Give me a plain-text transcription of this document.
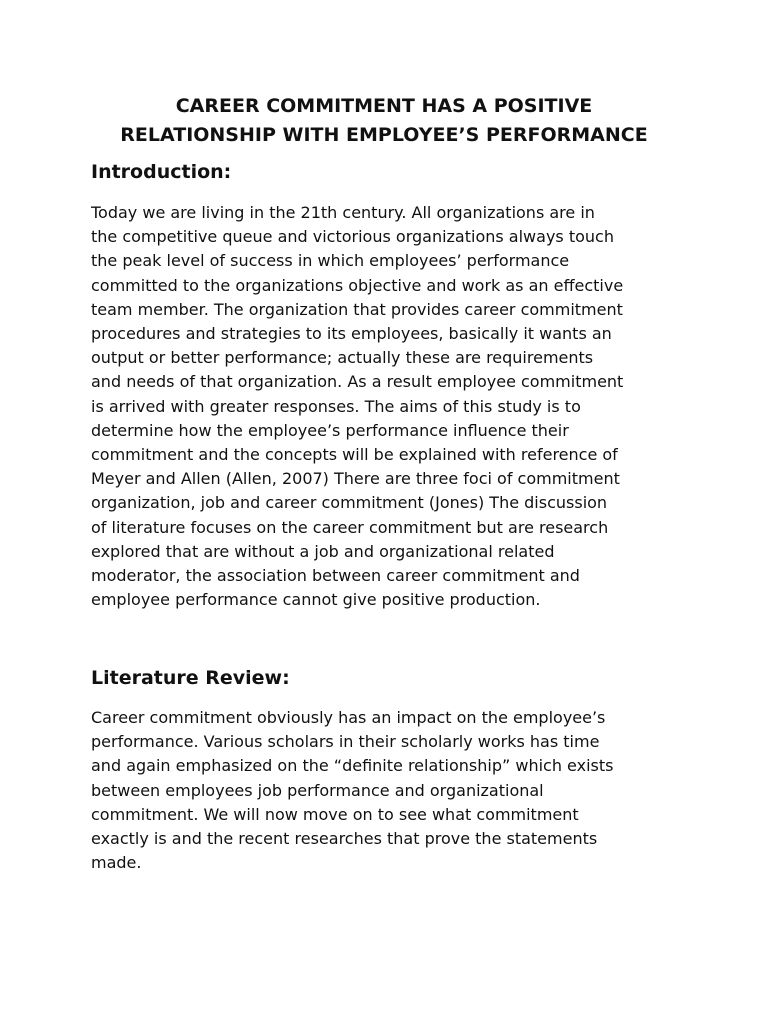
CAREER COMMITMENT HAS A POSITIVE
RELATIONSHIP WITH EMPLOYEE’S PERFORMANCE
Introduction:
Today we are living in the 21th century. All organizations are in
the competitive queue and victorious organizations always touch
the peak level of success in which employees’ performance
committed to the organizations objective and work as an effective
team member. The organization that provides career commitment
procedures and strategies to its employees, basically it wants an
output or better performance; actually these are requirements
and needs of that organization. As a result employee commitment
is arrived with greater responses. The aims of this study is to
determine how the employee’s performance influence their
commitment and the concepts will be explained with reference of
Meyer and Allen (Allen, 2007) There are three foci of commitment
organization, job and career commitment (Jones) The discussion
of literature focuses on the career commitment but are research
explored that are without a job and organizational related
moderator, the association between career commitment and
employee performance cannot give positive production.
Literature Review:
Career commitment obviously has an impact on the employee’s
performance. Various scholars in their scholarly works has time
and again emphasized on the “definite relationship” which exists
between employees job performance and organizational
commitment. We will now move on to see what commitment
exactly is and the recent researches that prove the statements
made.
